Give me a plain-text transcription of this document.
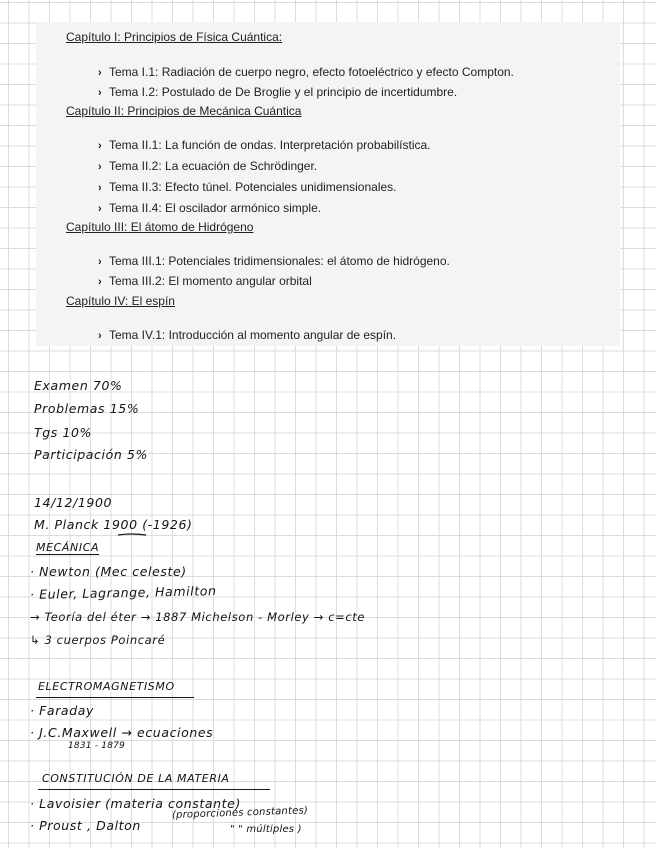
Capítulo I: Principios de Física Cuántica:
› Tema I.1: Radiación de cuerpo negro, efecto fotoeléctrico y efecto Compton.
› Tema I.2: Postulado de De Broglie y el principio de incertidumbre.
Capítulo II: Principios de Mecánica Cuántica
› Tema II.1: La función de ondas. Interpretación probabilística.
› Tema II.2: La ecuación de Schrödinger.
› Tema II.3: Efecto túnel. Potenciales unidimensionales.
› Tema II.4: El oscilador armónico simple.
Capítulo III: El átomo de Hidrógeno
› Tema III.1: Potenciales tridimensionales: el átomo de hidrógeno.
› Tema III.2: El momento angular orbital
Capítulo IV: El espín
› Tema IV.1: Introducción al momento angular de espín.
Examen 70%
Problemas 15%
Tgs 10%
Participación 5%
14/12/1900
M. Planck 1900 (-1926)
MECÁNICA
· Newton (Mec celeste)
· Euler, Lagrange, Hamilton
→ Teoría del éter → 1887 Michelson - Morley → c=cte
↳ 3 cuerpos Poincaré
ELECTROMAGNETISMO
· Faraday
· J.C.Maxwell → ecuaciones
1831 - 1879
CONSTITUCIÓN DE LA MATERIA
· Lavoisier (materia constante)
· Proust , Dalton
(proporciones constantes)
" " múltiples )
